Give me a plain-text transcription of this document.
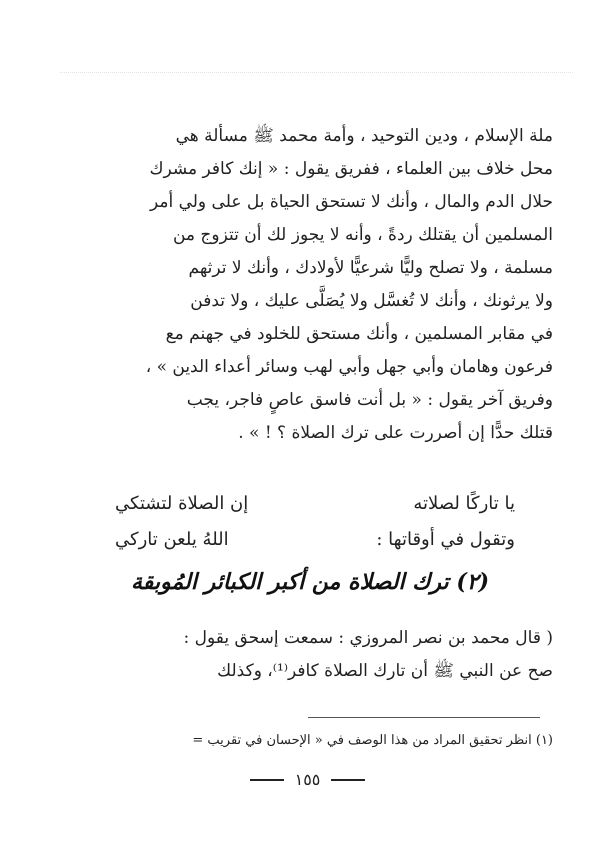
ملة الإسلام ، ودين التوحيد ، وأمة محمد ﷺ مسألة هي
محل خلاف بين العلماء ، ففريق يقول : « إنك كافر مشرك
حلال الدم والمال ، وأنك لا تستحق الحياة بل على ولي أمر
المسلمين أن يقتلك ردةً ، وأنه لا يجوز لك أن تتزوج من
مسلمة ، ولا تصلح وليًّا شرعيًّا لأولادك ، وأنك لا ترثهم
ولا يرثونك ، وأنك لا تُغسَّل ولا يُصَلَّى عليك ، ولا تدفن
في مقابر المسلمين ، وأنك مستحق للخلود في جهنم مع
فرعون وهامان وأبي جهل وأبي لهب وسائر أعداء الدين » ،
وفريق آخر يقول : « بل أنت فاسق عاصٍ فاجر، يجب
قتلك حدًّا إن أصررت على ترك الصلاة ؟ ! » .
يا تاركًا لصلاته
إن الصلاة لتشتكي
وتقول في أوقاتها :
اللهُ يلعن تاركي
(٢) ترك الصلاة من أكبر الكبائر المُوبقة
( قال محمد بن نصر المروزي : سمعت إسحق يقول :
صح عن النبي ﷺ أن تارك الصلاة كافر⁽¹⁾، وكذلك
(١) انظر تحقيق المراد من هذا الوصف في « الإحسان في تقريب =
١٥٥
